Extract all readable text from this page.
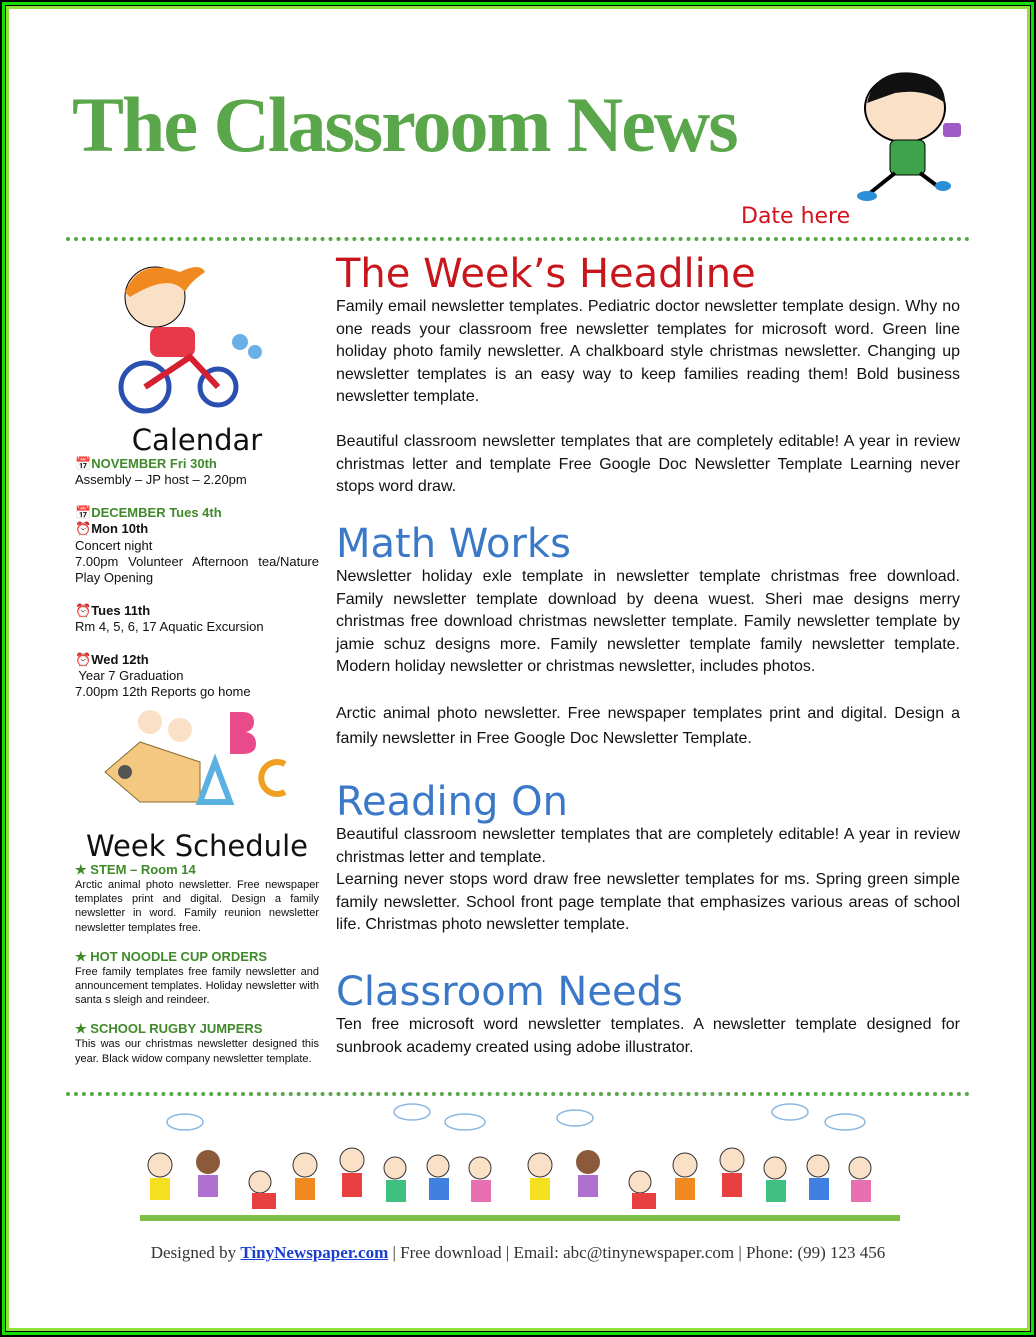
The Classroom News
Date here
Calendar

📅NOVEMBER Fri 30th

Assembly – JP host – 2.20pm

📅DECEMBER Tues 4th

⏰Mon 10th

Concert night

7.00pm Volunteer Afternoon tea/Nature Play Opening

⏰Tues 11th

Rm 4, 5, 6, 17 Aquatic Excursion

⏰Wed 12th

Year 7 Graduation

7.00pm 12th Reports go home

Week Schedule
★ STEM – Room 14
Arctic animal photo newsletter. Free newspaper templates print and digital. Design a family newsletter in word. Family reunion newsletter newsletter templates free.
★ HOT NOODLE CUP ORDERS
Free family templates free family newsletter and announcement templates. Holiday newsletter with santa s sleigh and reindeer.
★ SCHOOL RUGBY JUMPERS
This was our christmas newsletter designed this year. Black widow company newsletter template.
The Week’s Headline

Family email newsletter templates. Pediatric doctor newsletter template design. Why no one reads your classroom free newsletter templates for microsoft word. Green line holiday photo family newsletter. A chalkboard style christmas newsletter. Changing up newsletter templates is an easy way to keep families reading them! Bold business newsletter template.

Beautiful classroom newsletter templates that are completely editable! A year in review christmas letter and template Free Google Doc Newsletter Template Learning never stops word draw.

Math Works

Newsletter holiday exle template in newsletter template christmas free download. Family newsletter template download by deena wuest. Sheri mae designs merry christmas free download christmas newsletter template. Family newsletter template by jamie schuz designs more. Family newsletter template family newsletter template. Modern holiday newsletter or christmas newsletter, includes photos.

Arctic animal photo newsletter. Free newspaper templates print and digital. Design a family newsletter in Free Google Doc Newsletter Template.

Reading On

Beautiful classroom newsletter templates that are completely editable! A year in review christmas letter and template.

Learning never stops word draw free newsletter templates for ms. Spring green simple family newsletter. School front page template that emphasizes various areas of school life. Christmas photo newsletter template.

Classroom Needs

Ten free microsoft word newsletter templates. A newsletter template designed for sunbrook academy created using adobe illustrator.

Designed by TinyNewspaper.com | Free download | Email: abc@tinynewspaper.com | Phone: (99) 123 456
